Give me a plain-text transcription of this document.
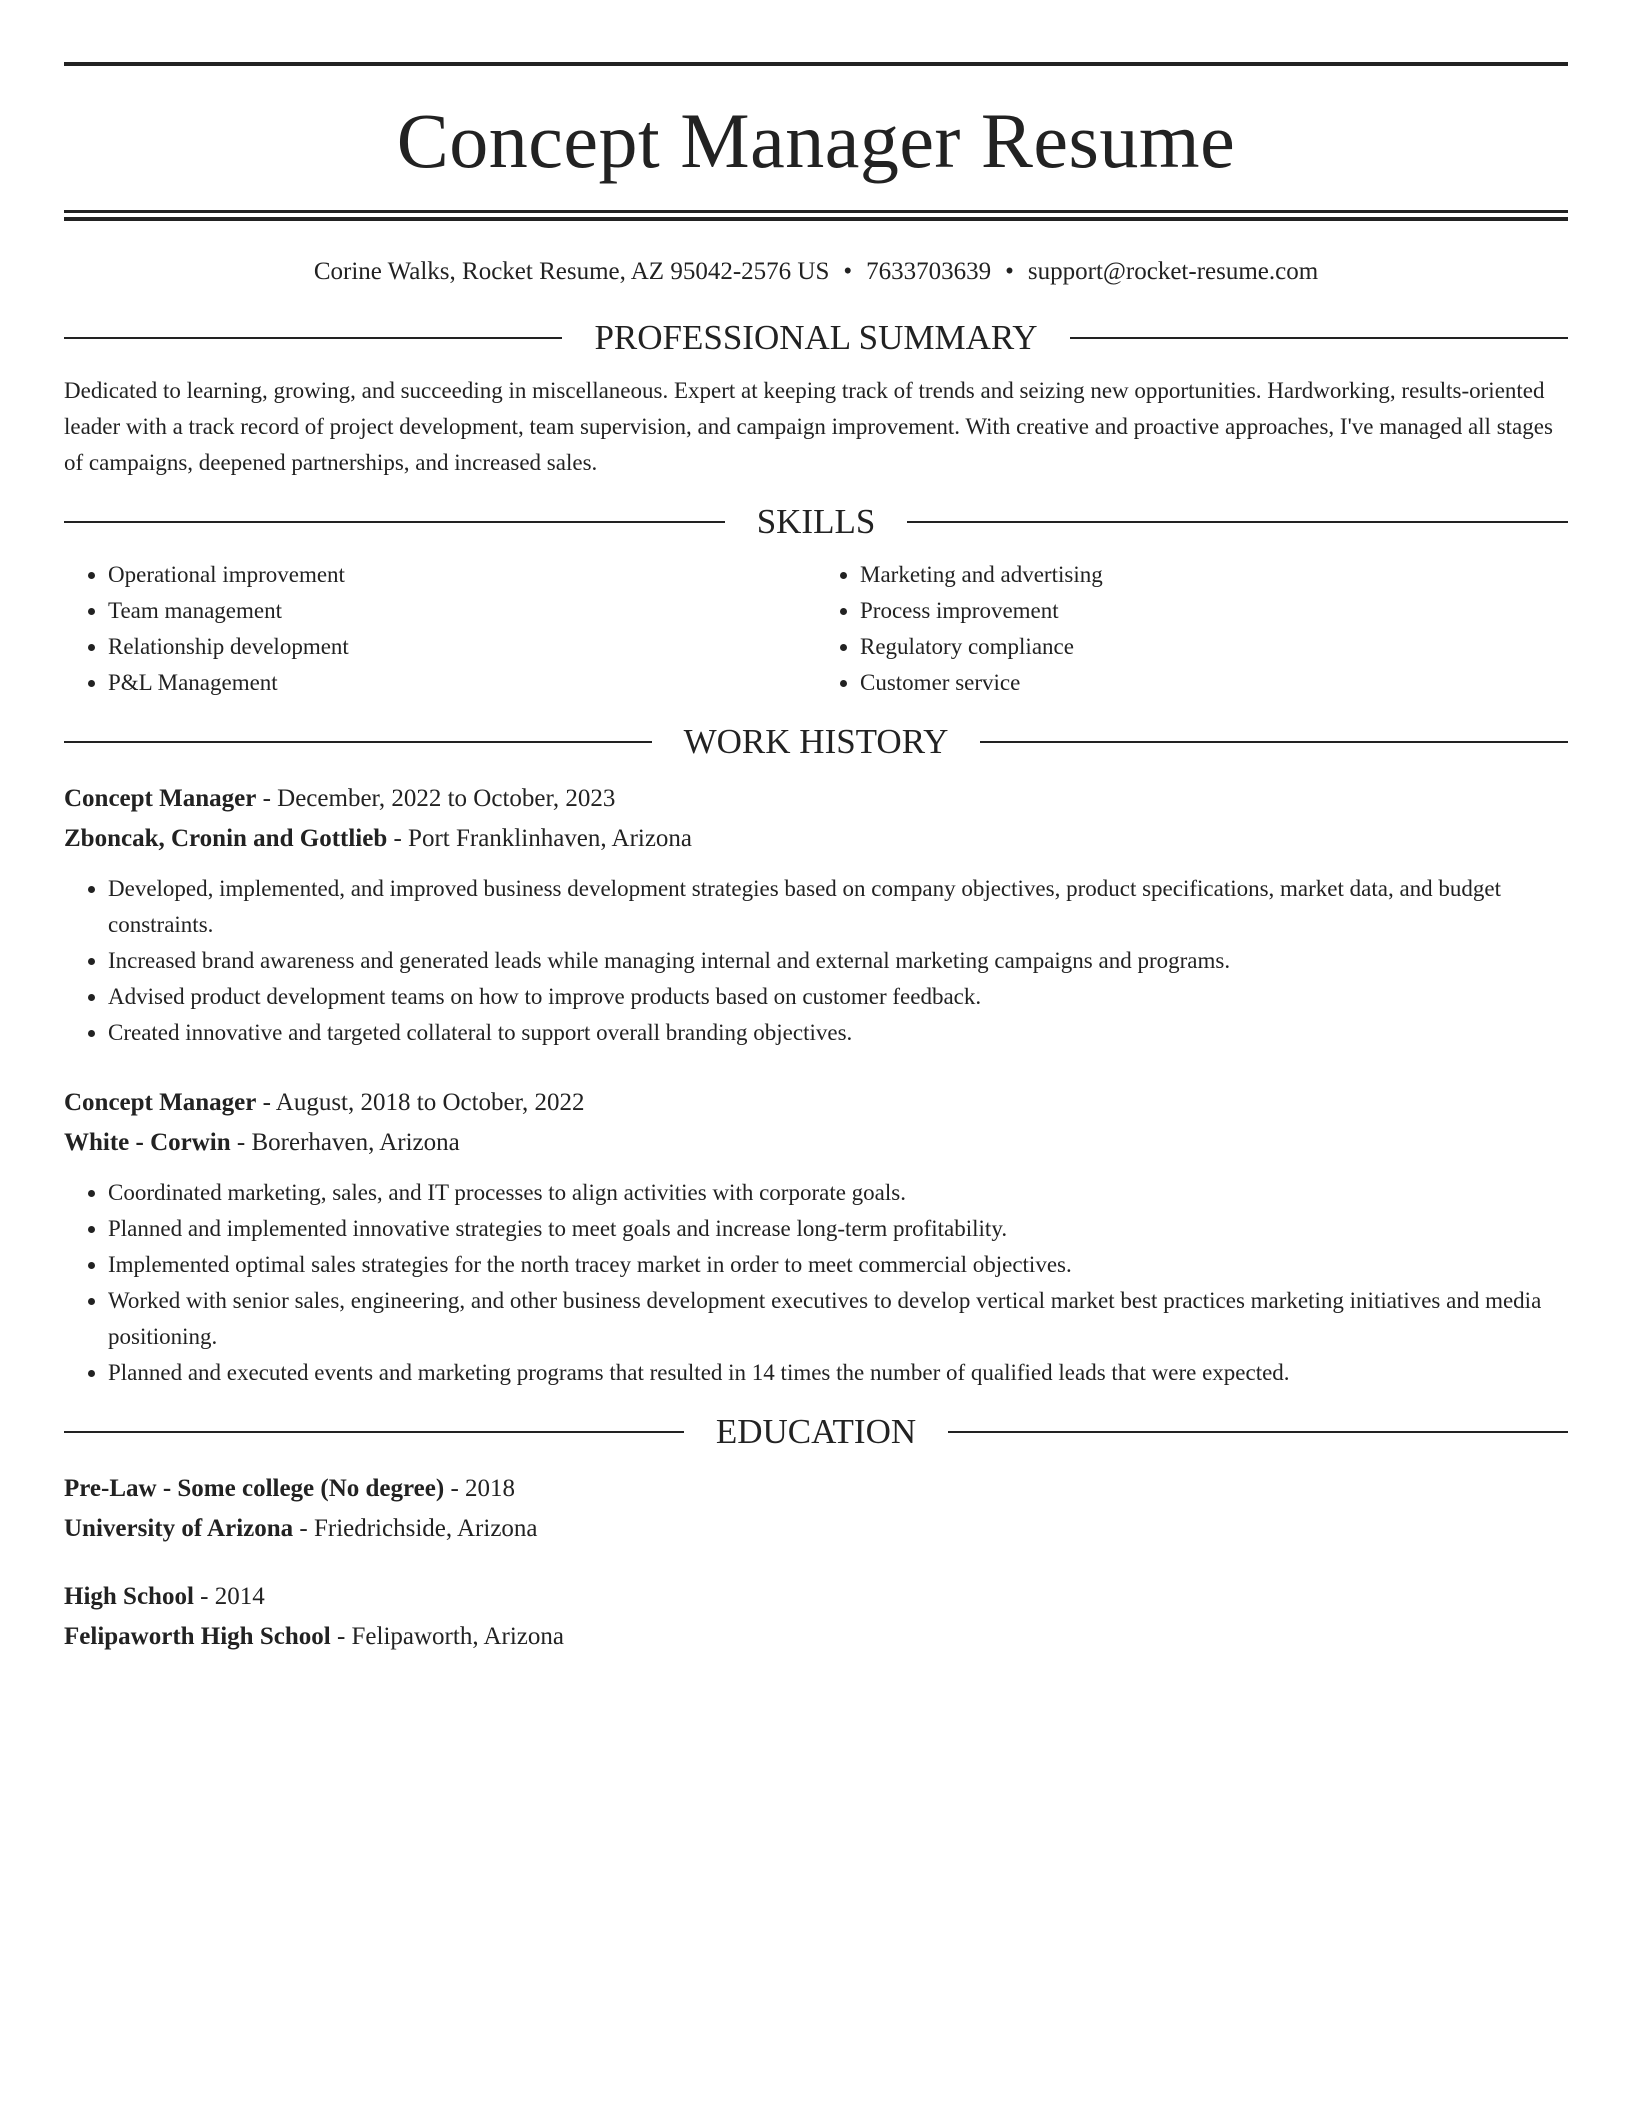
Concept Manager Resume
Corine Walks, Rocket Resume, AZ 95042-2576 US • 7633703639 • support@rocket-resume.com
PROFESSIONAL SUMMARY
Dedicated to learning, growing, and succeeding in miscellaneous. Expert at keeping track of trends and seizing new opportunities. Hardworking, results-oriented leader with a track record of project development, team supervision, and campaign improvement. With creative and proactive approaches, I've managed all stages of campaigns, deepened partnerships, and increased sales.
SKILLS
• Operational improvement
• Team management
• Relationship development
• P&L Management
• Marketing and advertising
• Process improvement
• Regulatory compliance
• Customer service
WORK HISTORY
Concept Manager - December, 2022 to October, 2023
Zboncak, Cronin and Gottlieb - Port Franklinhaven, Arizona
• Developed, implemented, and improved business development strategies based on company objectives, product specifications, market data, and budget constraints.
• Increased brand awareness and generated leads while managing internal and external marketing campaigns and programs.
• Advised product development teams on how to improve products based on customer feedback.
• Created innovative and targeted collateral to support overall branding objectives.
Concept Manager - August, 2018 to October, 2022
White - Corwin - Borerhaven, Arizona
• Coordinated marketing, sales, and IT processes to align activities with corporate goals.
• Planned and implemented innovative strategies to meet goals and increase long-term profitability.
• Implemented optimal sales strategies for the north tracey market in order to meet commercial objectives.
• Worked with senior sales, engineering, and other business development executives to develop vertical market best practices marketing initiatives and media positioning.
• Planned and executed events and marketing programs that resulted in 14 times the number of qualified leads that were expected.
EDUCATION
Pre-Law - Some college (No degree) - 2018
University of Arizona - Friedrichside, Arizona
High School - 2014
Felipaworth High School - Felipaworth, Arizona
